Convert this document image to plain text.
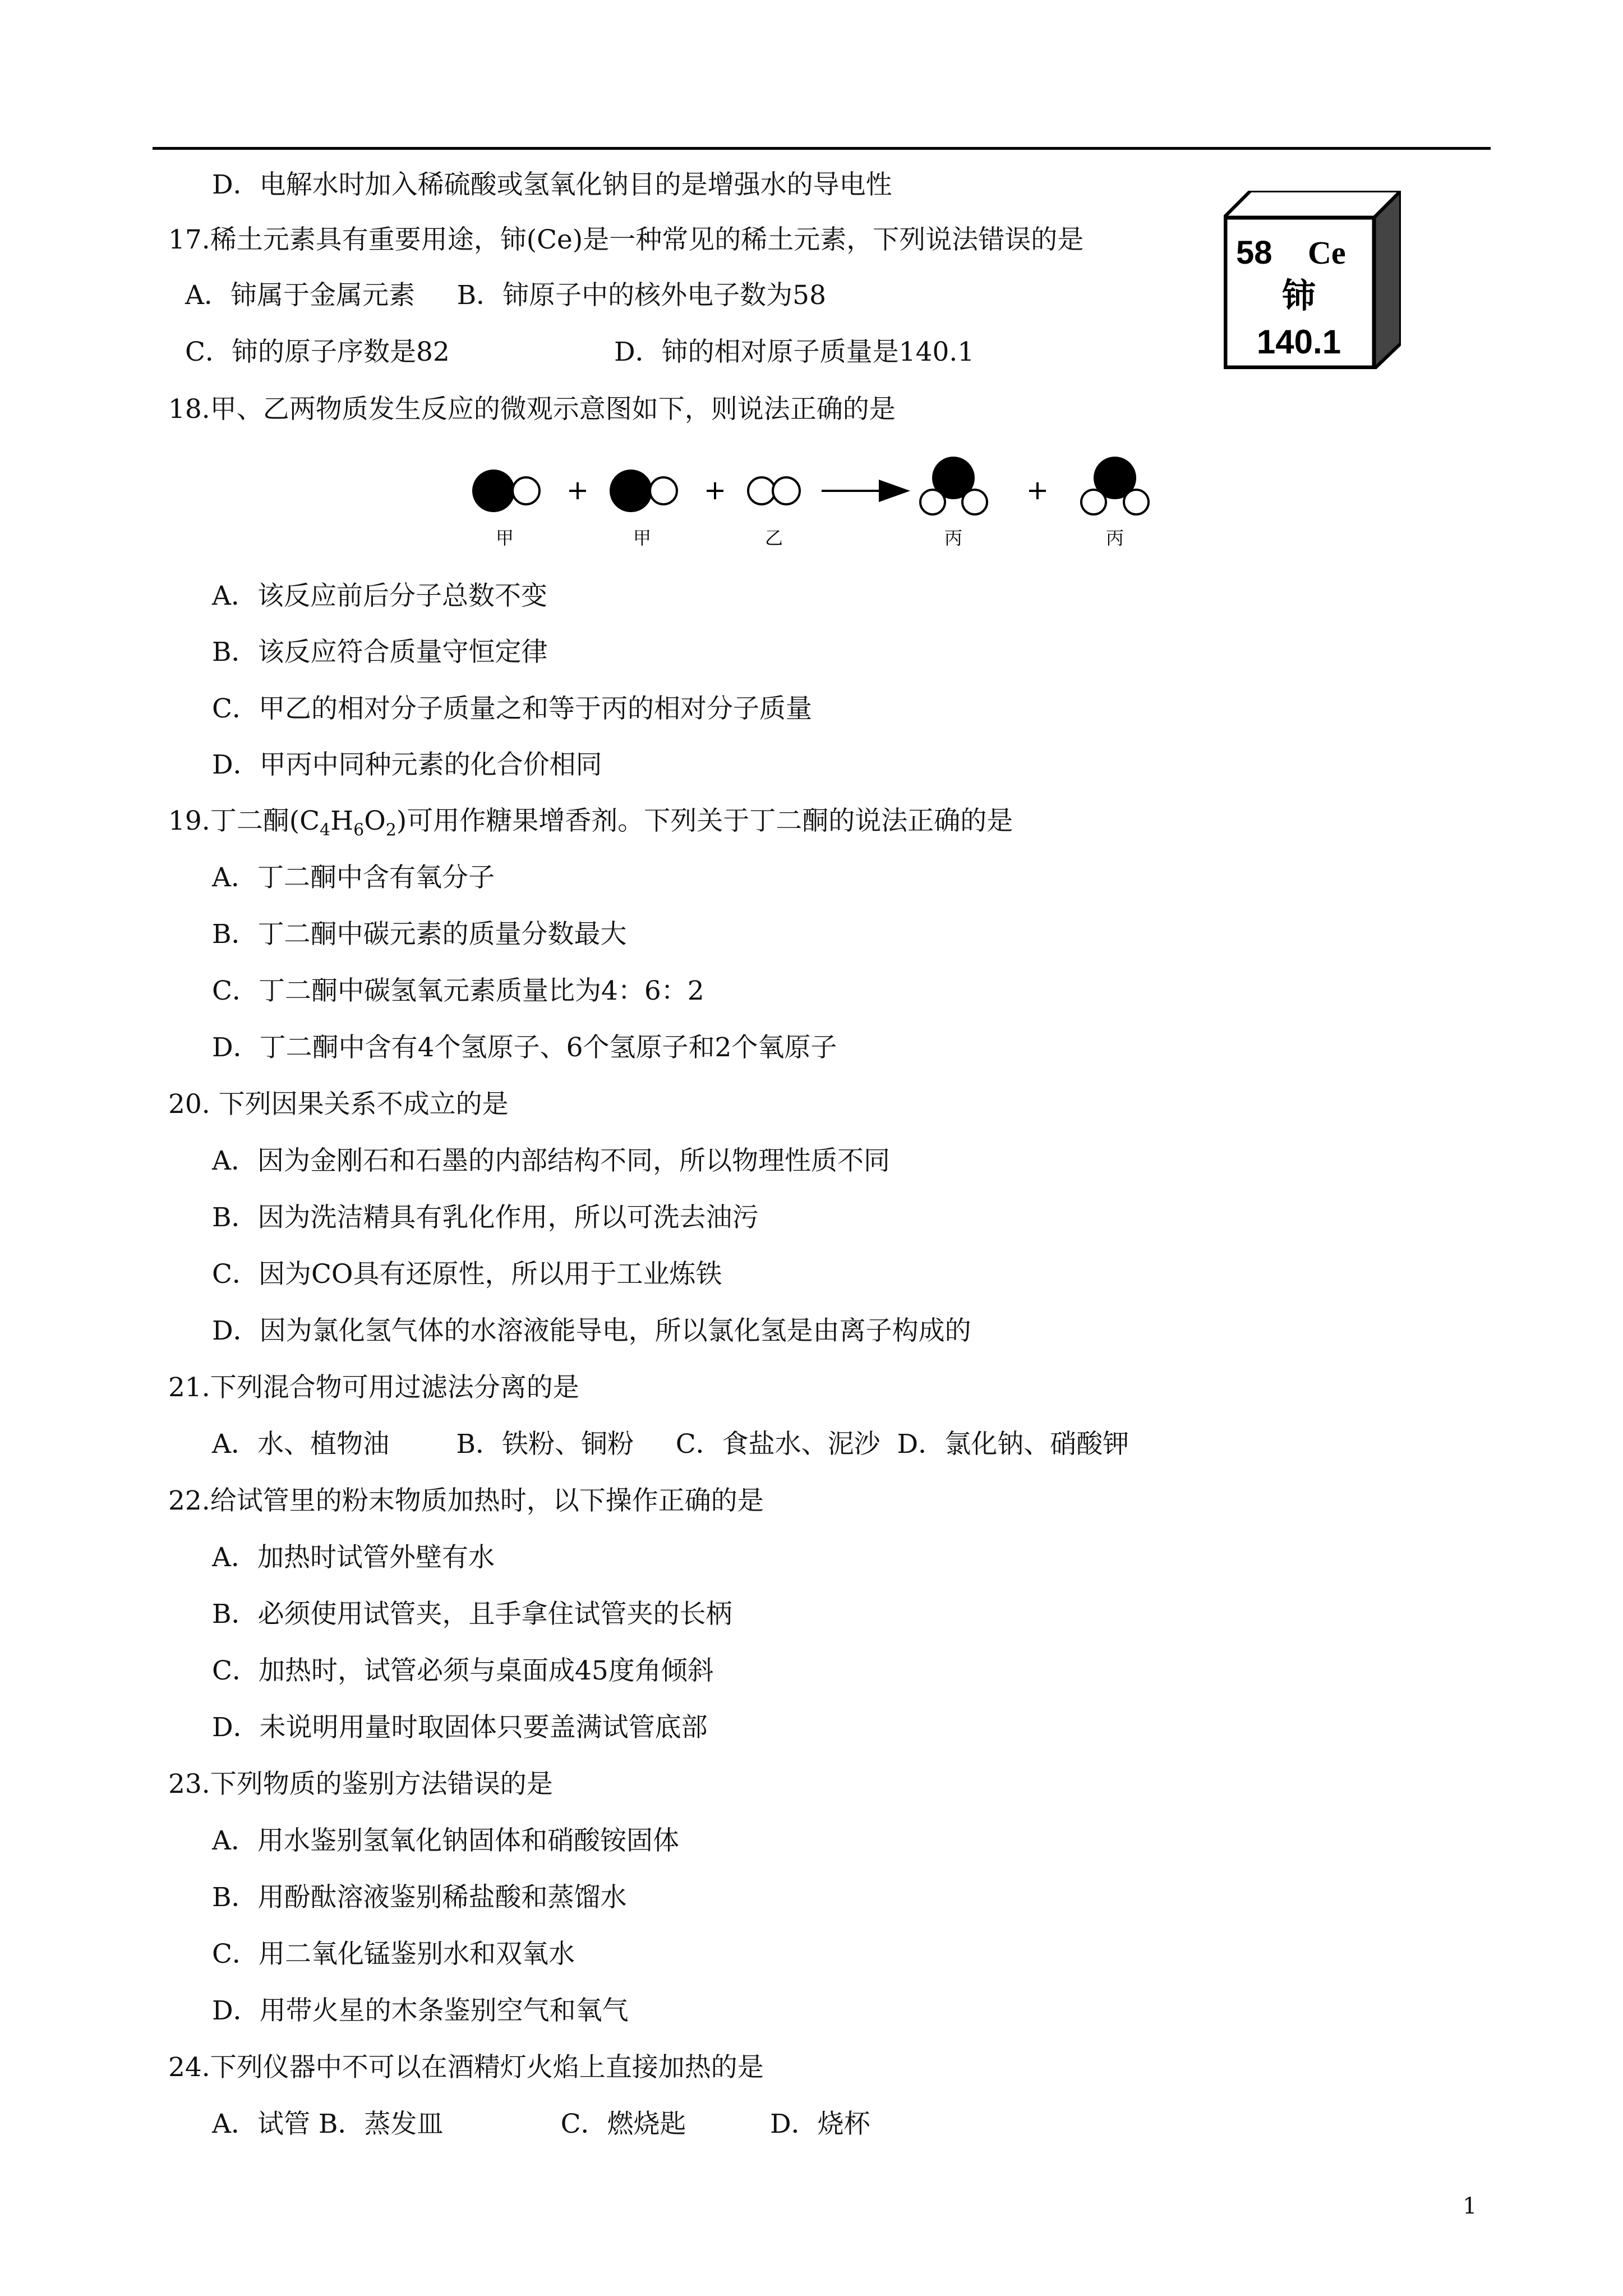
D．电解水时加入稀硫酸或氢氧化钠目的是增强水的导电性
17.稀土元素具有重要用途，铈(Ce)是一种常见的稀土元素，下列说法错误的是
A．铈属于金属元素     B．铈原子中的核外电子数为58
C．铈的原子序数是82	D．铈的相对原子质量是140.1
58 Ce
铈
140.1
18.甲、乙两物质发生反应的微观示意图如下，则说法正确的是
甲
+
甲
+
乙	丙
+
丙
A．该反应前后分子总数不变
B．该反应符合质量守恒定律
C．甲乙的相对分子质量之和等于丙的相对分子质量
D．甲丙中同种元素的化合价相同
19.丁二酮$(C_4H_6O_2)$可用作糖果增香剂。下列关于丁二酮的说法正确的是
A．丁二酮中含有氧分子
B．丁二酮中碳元素的质量分数最大
C．丁二酮中碳氢氧元素质量比为4：6：2
D．丁二酮中含有4个氢原子、6个氢原子和2个氧原子
20. 下列因果关系不成立的是
A．因为金刚石和石墨的内部结构不同，所以物理性质不同
B．因为洗洁精具有乳化作用，所以可洗去油污
C．因为CO具有还原性，所以用于工业炼铁
D．因为氯化氢气体的水溶液能导电，所以氯化氢是由离子构成的
21.下列混合物可用过滤法分离的是
A．水、植物油        B．铁粉、铜粉     C．食盐水、泥沙  D．氯化钠、硝酸钾
22.给试管里的粉末物质加热时，以下操作正确的是
A．加热时试管外壁有水
B．必须使用试管夹，且手拿住试管夹的长柄
C．加热时，试管必须与桌面成45度角倾斜
D．未说明用量时取固体只要盖满试管底部
23.下列物质的鉴别方法错误的是
A．用水鉴别氢氧化钠固体和硝酸铵固体
B．用酚酞溶液鉴别稀盐酸和蒸馏水
C．用二氧化锰鉴别水和双氧水
D．用带火星的木条鉴别空气和氧气
24.下列仪器中不可以在酒精灯火焰上直接加热的是
A．试管 B．蒸发皿              C．燃烧匙          D．烧杯
1
